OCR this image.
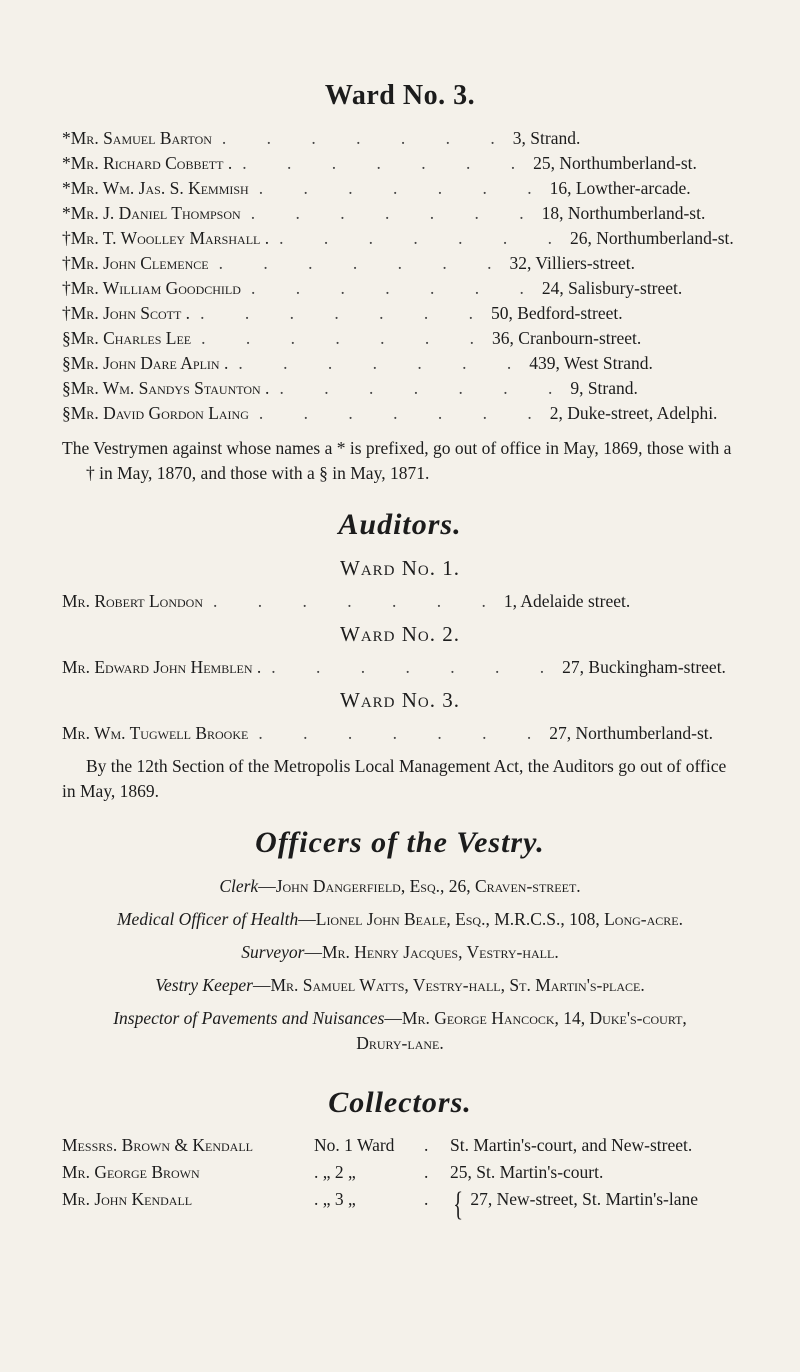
Ward No. 3.
*Mr. Samuel Barton . . . . . . . 3, Strand.
*Mr. Richard Cobbett . . . . . . . . 25, Northumberland-st.
*Mr. Wm. Jas. S. Kemmish . . . . . . . 16, Lowther-arcade.
*Mr. J. Daniel Thompson . . . . . . . 18, Northumberland-st.
†Mr. T. Woolley Marshall . . . . . . . . 26, Northumberland-st.
†Mr. John Clemence . . . . . . . 32, Villiers-street.
†Mr. William Goodchild . . . . . . . 24, Salisbury-street.
†Mr. John Scott . . . . . . . . 50, Bedford-street.
§Mr. Charles Lee . . . . . . . 36, Cranbourn-street.
§Mr. John Dare Aplin . . . . . . . . 439, West Strand.
§Mr. Wm. Sandys Staunton . . . . . . . . 9, Strand.
§Mr. David Gordon Laing . . . . . . . 2, Duke-street, Adelphi.

The Vestrymen against whose names a * is prefixed, go out of office in May, 1869, those with a † in May, 1870, and those with a § in May, 1871.

Auditors.
Ward No. 1.
Mr. Robert London . . . . . . . 1, Adelaide street.
Ward No. 2.
Mr. Edward John Hemblen . . . . . . . . 27, Buckingham-street.
Ward No. 3.
Mr. Wm. Tugwell Brooke . . . . . . . 27, Northumberland-st.

By the 12th Section of the Metropolis Local Management Act, the Auditors go out of office in May, 1869.

Officers of the Vestry.
Clerk—John Dangerfield, Esq., 26, Craven-street.
Medical Officer of Health—Lionel John Beale, Esq., M.R.C.S., 108, Long-acre.
Surveyor—Mr. Henry Jacques, Vestry-hall.
Vestry Keeper—Mr. Samuel Watts, Vestry-hall, St. Martin's-place.
Inspector of Pavements and Nuisances—Mr. George Hancock, 14, Duke's-court, Drury-lane.
Collectors.
Messrs. Brown & Kendall	No. 1 Ward	.	St. Martin's-court, and New-street.
Mr. George Brown	. „ 2 „	.	25, St. Martin's-court.
Mr. John Kendall	. „ 3 „	. { 27, New-street, St. Martin's-lane
